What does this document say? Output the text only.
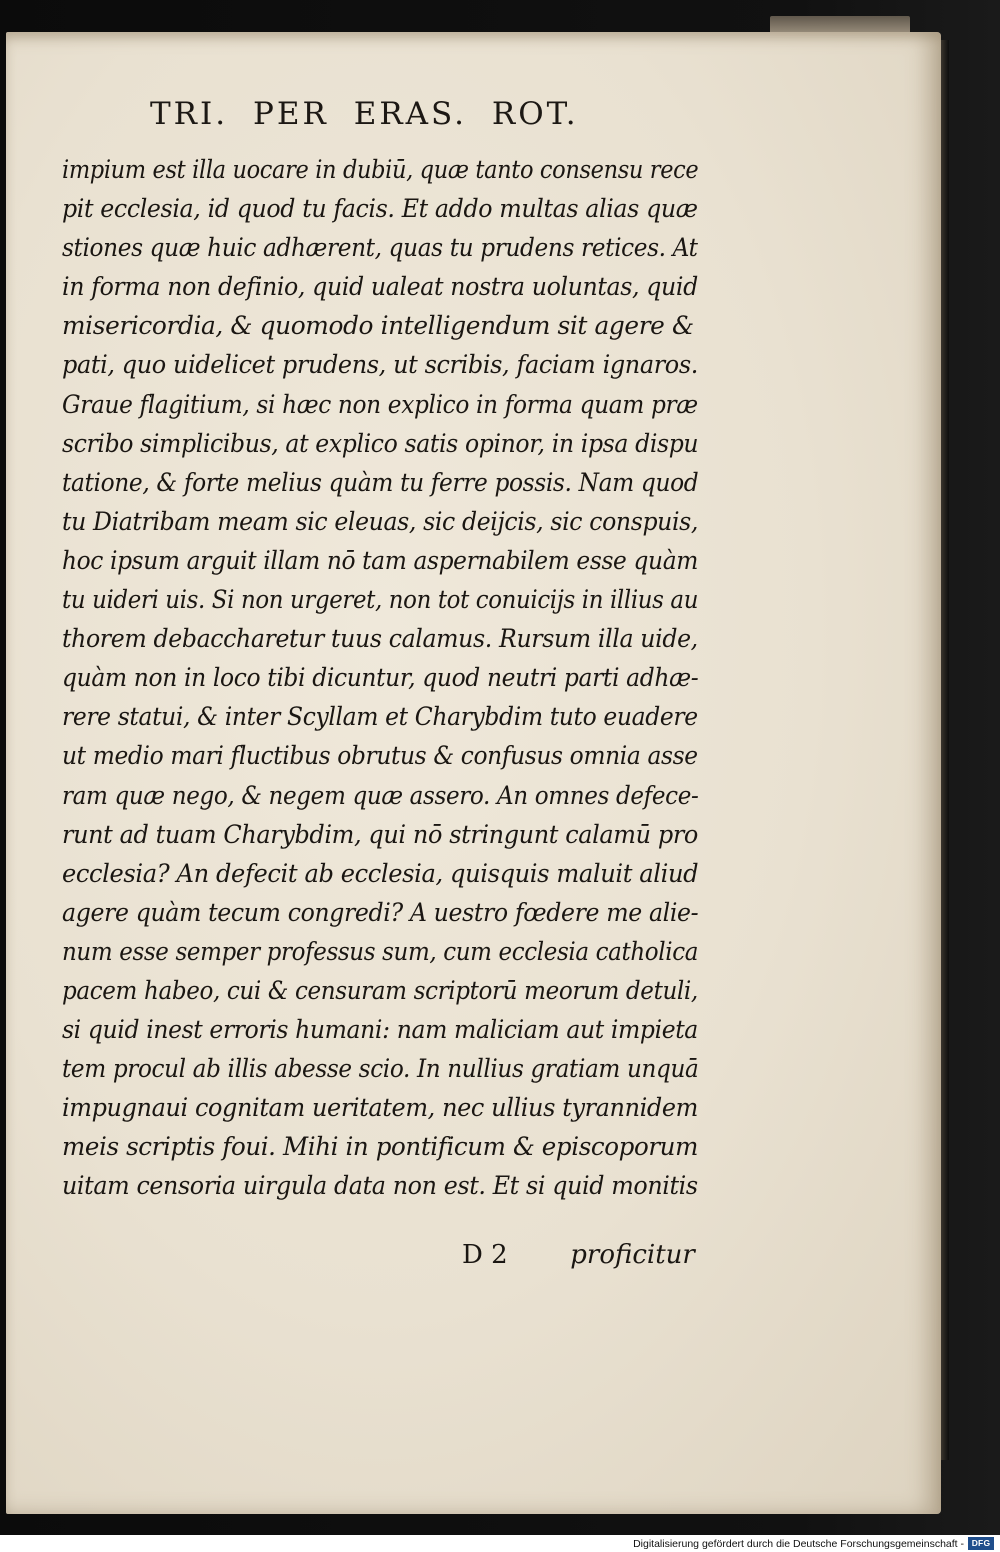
TRI. PER ERAS. ROT.
impium est illa uocare in dubiū, quæ tanto consensu rece
pit ecclesia, id quod tu facis. Et addo multas alias quæ
stiones quæ huic adhærent, quas tu prudens retices. At
in forma non definio, quid ualeat nostra uoluntas, quid
misericordia, & quomodo intelligendum sit agere &
pati, quo uidelicet prudens, ut scribis, faciam ignaros.
Graue flagitium, si hæc non explico in forma quam præ
scribo simplicibus, at explico satis opinor, in ipsa dispu
tatione, & forte melius quàm tu ferre possis. Nam quod
tu Diatribam meam sic eleuas, sic deijcis, sic conspuis,
hoc ipsum arguit illam nō tam aspernabilem esse quàm
tu uideri uis. Si non urgeret, non tot conuicijs in illius au
thorem debaccharetur tuus calamus. Rursum illa uide,
quàm non in loco tibi dicuntur, quod neutri parti adhæ-
rere statui, & inter Scyllam et Charybdim tuto euadere
ut medio mari fluctibus obrutus & confusus omnia asse
ram quæ nego, & negem quæ assero. An omnes defece-
runt ad tuam Charybdim, qui nō stringunt calamū pro
ecclesia? An defecit ab ecclesia, quisquis maluit aliud
agere quàm tecum congredi? A uestro fœdere me alie-
num esse semper professus sum, cum ecclesia catholica
pacem habeo, cui & censuram scriptorū meorum detuli,
si quid inest erroris humani: nam maliciam aut impieta
tem procul ab illis abesse scio. In nullius gratiam unquā
impugnaui cognitam ueritatem, nec ullius tyrannidem
meis scriptis foui. Mihi in pontificum & episcoporum
uitam censoria uirgula data non est. Et si quid monitis
D 2 proficitur
Digitalisierung gefördert durch die Deutsche Forschungsgemeinschaft - DFG
